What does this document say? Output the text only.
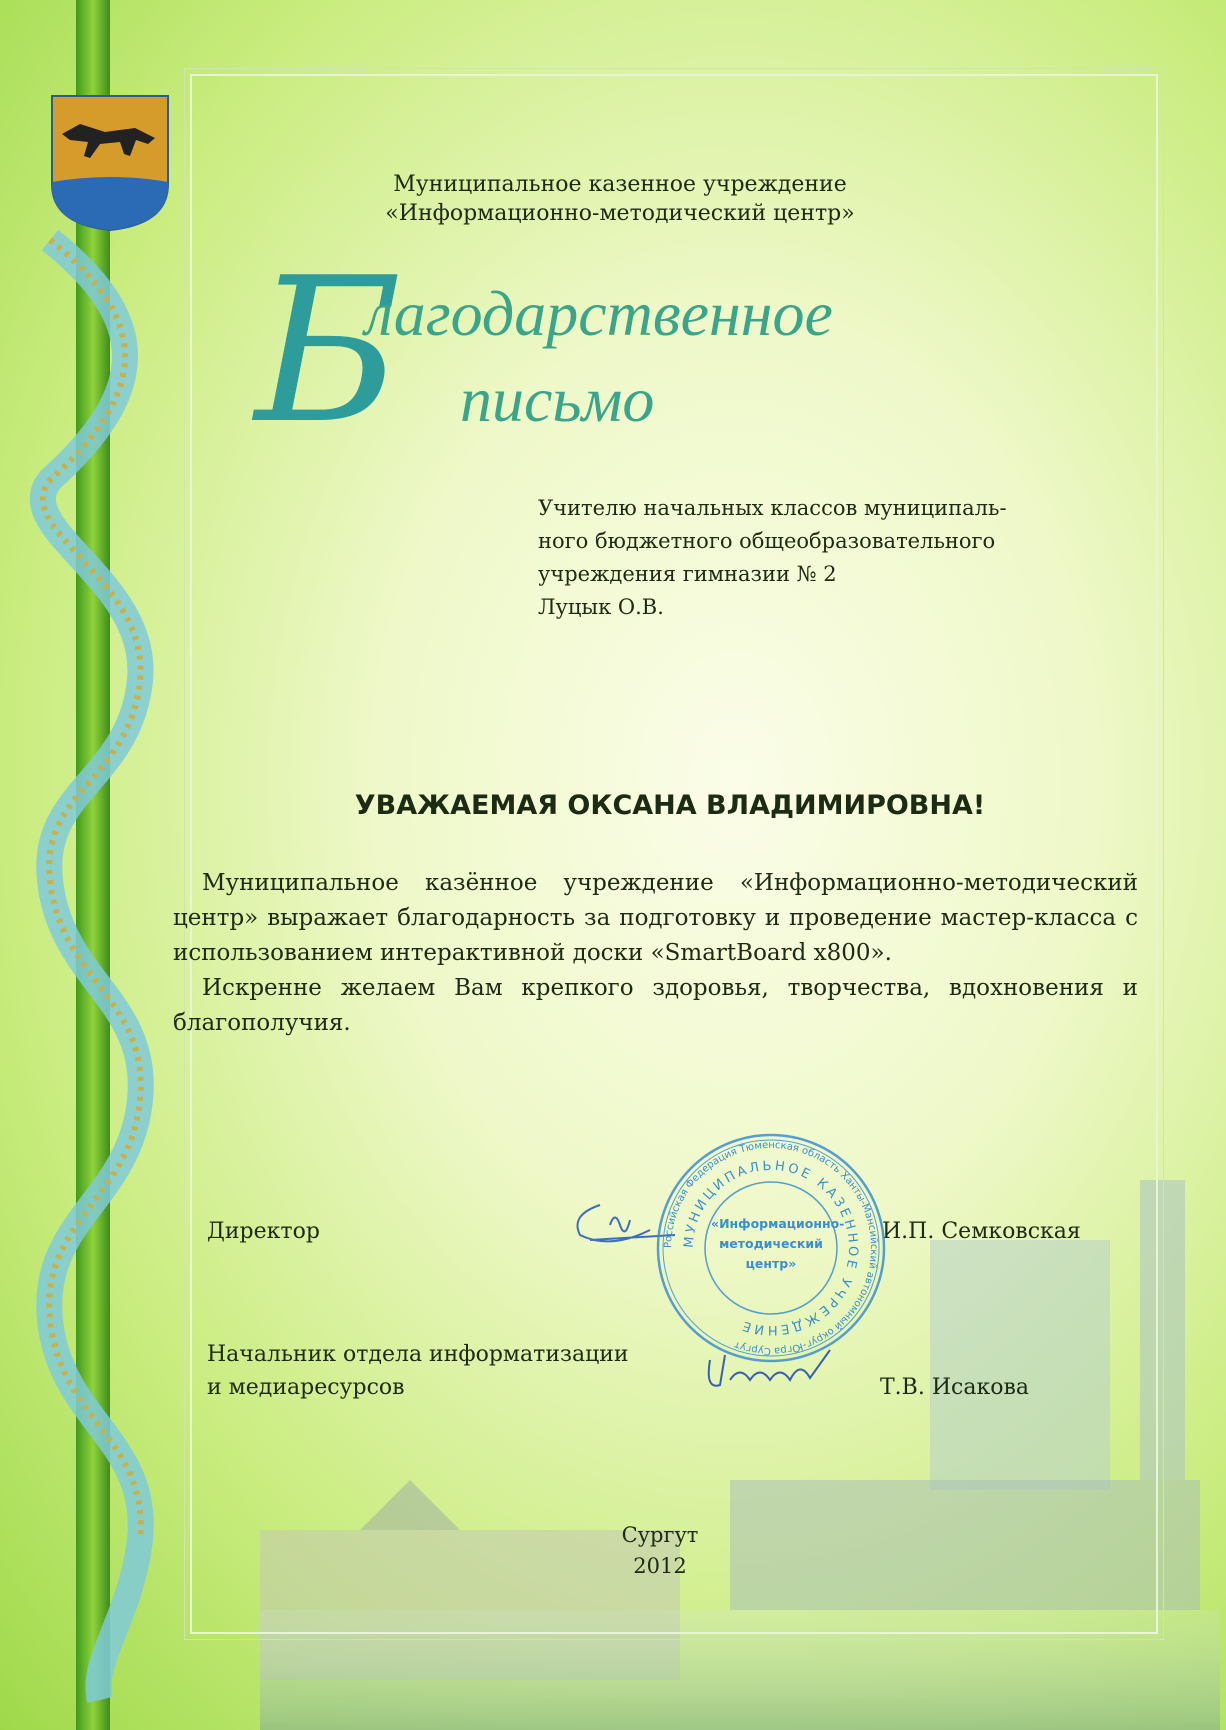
Муниципальное казенное учреждение
«Информационно-методический центр»
Б
лагодарственное
письмо
Учителю начальных классов муниципаль-
ного бюджетного общеобразовательного
учреждения гимназии № 2
Луцык О.В.
УВАЖАЕМАЯ ОКСАНА ВЛАДИМИРОВНА!

Муниципальное казённое учреждение «Информационно-методический центр» выражает благодарность за подготовку и проведение мастер-класса с использованием интерактивной доски «SmartBoard x800».

Искренне желаем Вам крепкого здоровья, творчества, вдохновения и благополучия.

Директор	И.П. Семковская
Начальник отдела информатизации
и медиаресурсов	Т.В. Исакова
Российская Федерация Тюменская область Ханты-Мансийский автономный округ-Югра Сургут
МУНИЦИПАЛЬНОЕ КАЗЕННОЕ УЧРЕЖДЕНИЕ
«Информационно-методический центр»
Сургут
2012
